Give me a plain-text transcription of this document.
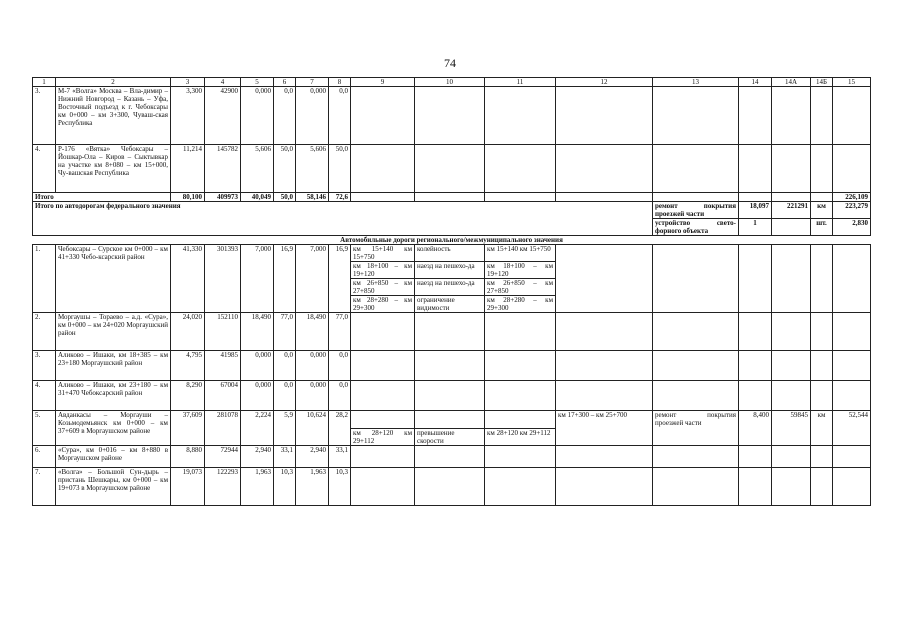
74
1	2	3	4	5	6	7	8	9	10	11	12	13	14	14А	14Б	15
3.	М-7 «Волга» Москва – Вла-димир – Нижний Новгород – Казань – Уфа, Восточный подъезд к г. Чебоксары км 0+000 – км 3+300, Чуваш-ская Республика	3,300	42900	0,000	0,0	0,000	0,0									
4.	Р-176 «Вятка» Чебоксары – Йошкар-Ола – Киров – Сыктывкар на участке км 8+080 – км 15+000, Чу-вашская Республика	11,214	145782	5,606	50,0	5,606	50,0									
Итого		80,100	409973	40,049	50,0	58,146	72,6									226,109
Итого по автодорогам федерального значения												ремонт покрытия проезжей части	18,097	221291	км	223,279
												устройство свето-форного объекта	1		шт.	2,830
Автомобильные дороги регионального/межмуниципального значения																
1.	Чебоксары – Сурское км 0+000 – км 41+330 Чебо-ксарский район	41,330	301393	7,000	16,9	7,000	16,9	км 15+140 км 15+750	колейность	км 15+140 км 15+750						
								км 18+100 – км 19+120	наезд на пешехо-да	км 18+100 – км 19+120						
								км 26+850 – км 27+850	наезд на пешехо-да	км 26+850 – км 27+850						
								км 28+280 – км 29+300	ограничение видимости	км 28+280 – км 29+300						
2.	Моргаушы – Тораево – а.д. «Сура», км 0+000 – км 24+020 Моргаушский район	24,020	152110	18,490	77,0	18,490	77,0									
3.	Аликово – Ишаки, км 18+385 – км 23+180 Моргаушский район	4,795	41985	0,000	0,0	0,000	0,0									
4.	Аликово – Ишаки, км 23+180 – км 31+470 Чебоксарский район	8,290	67004	0,000	0,0	0,000	0,0									
5.	Авданкасы – Моргауши – Козьмодемьянск км 0+000 – км 37+609 в Моргаушском районе	37,609	281078	2,224	5,9	10,624	28,2				км 17+300 – км 25+700	ремонт покрытия проезжей части	8,400	59845	км	52,544
								км 28+120 км 29+112	превышение скорости	км 28+120 км 29+112						
6.	«Сура», км 0+016 – км 8+880 в Моргаушском районе	8,880	72944	2,940	33,1	2,940	33,1									
7.	«Волга» – Большой Сун-дырь – пристань Шешкары, км 0+000 – км 19+073 в Моргаушском районе	19,073	122293	1,963	10,3	1,963	10,3									
